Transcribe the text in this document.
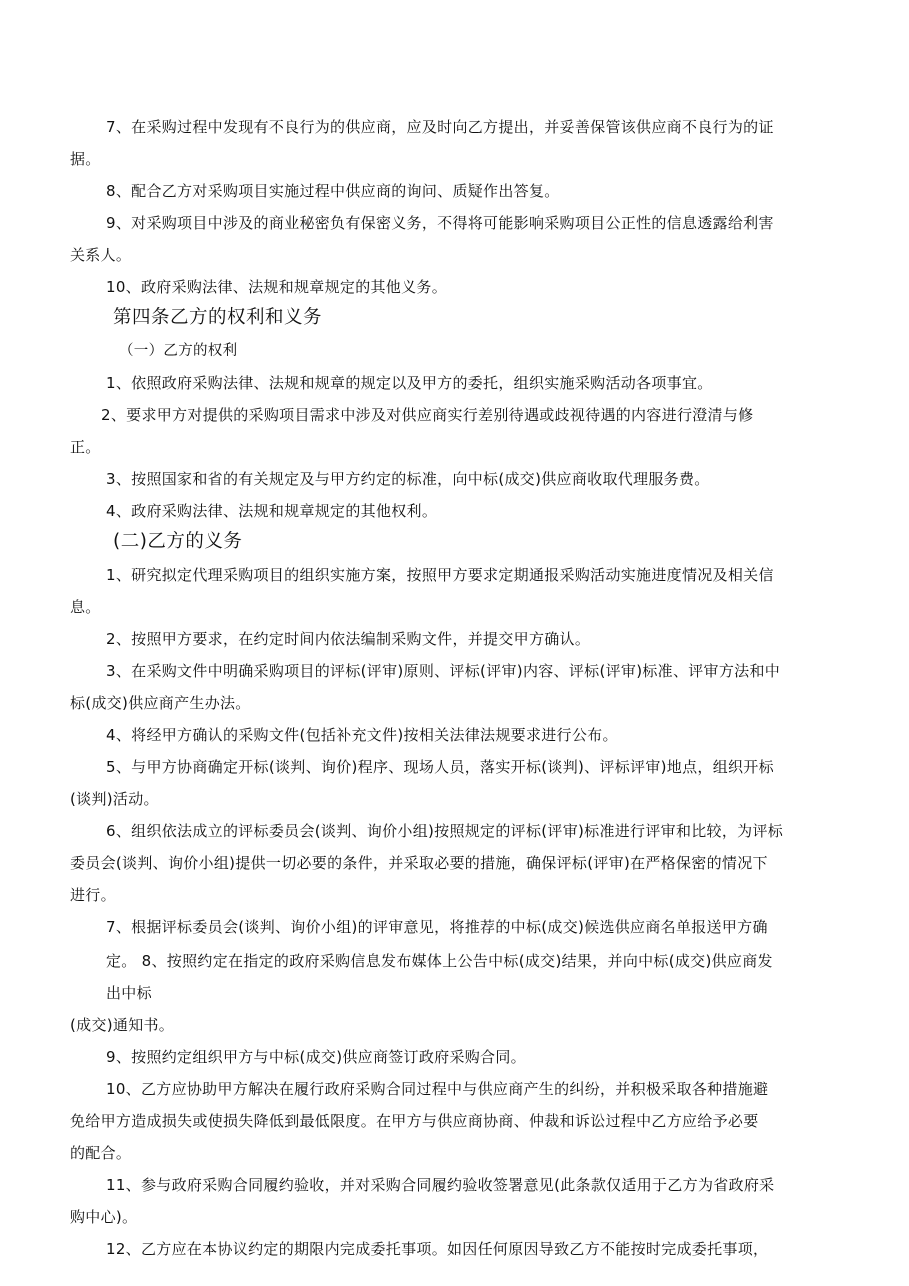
7、在采购过程中发现有不良行为的供应商，应及时向乙方提出，并妥善保管该供应商不良行为的证
据。
8、配合乙方对采购项目实施过程中供应商的询问、质疑作出答复。
9、对采购项目中涉及的商业秘密负有保密义务，不得将可能影响采购项目公正性的信息透露给利害
关系人。
10、政府采购法律、法规和规章规定的其他义务。
第四条乙方的权利和义务
（一）乙方的权利
1、依照政府采购法律、法规和规章的规定以及甲方的委托，组织实施采购活动各项事宜。
2、要求甲方对提供的采购项目需求中涉及对供应商实行差别待遇或歧视待遇的内容进行澄清与修
正。
3、按照国家和省的有关规定及与甲方约定的标准，向中标(成交)供应商收取代理服务费。
4、政府采购法律、法规和规章规定的其他权利。
(二)乙方的义务
1、研究拟定代理采购项目的组织实施方案，按照甲方要求定期通报采购活动实施进度情况及相关信
息。
2、按照甲方要求，在约定时间内依法编制采购文件，并提交甲方确认。
3、在采购文件中明确采购项目的评标(评审)原则、评标(评审)内容、评标(评审)标准、评审方法和中
标(成交)供应商产生办法。
4、将经甲方确认的采购文件(包括补充文件)按相关法律法规要求进行公布。
5、与甲方协商确定开标(谈判、询价)程序、现场人员，落实开标(谈判)、评标评审)地点，组织开标
(谈判)活动。
6、组织依法成立的评标委员会(谈判、询价小组)按照规定的评标(评审)标准进行评审和比较，为评标
委员会(谈判、询价小组)提供一切必要的条件，并采取必要的措施，确保评标(评审)在严格保密的情况下
进行。
7、根据评标委员会(谈判、询价小组)的评审意见，将推荐的中标(成交)候选供应商名单报送甲方确
定。 8、按照约定在指定的政府采购信息发布媒体上公告中标(成交)结果，并向中标(成交)供应商发
出中标
(成交)通知书。
9、按照约定组织甲方与中标(成交)供应商签订政府采购合同。
10、乙方应协助甲方解决在履行政府采购合同过程中与供应商产生的纠纷，并积极采取各种措施避
免给甲方造成损失或使损失降低到最低限度。在甲方与供应商协商、仲裁和诉讼过程中乙方应给予必要
的配合。
11、参与政府采购合同履约验收，并对采购合同履约验收签署意见(此条款仅适用于乙方为省政府采
购中心)。
12、乙方应在本协议约定的期限内完成委托事项。如因任何原因导致乙方不能按时完成委托事项，
